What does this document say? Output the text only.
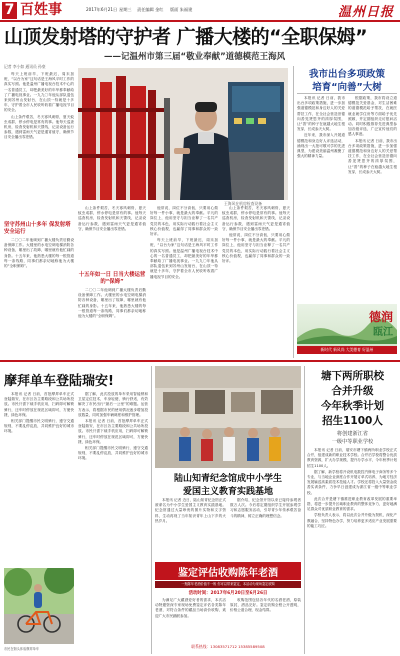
7 百姓事	2017年6月21日 星期三 责任编辑 金红 版面 朱福建	温州日报
山顶发射塔的守护者 广播大楼的“全职保姆”
——记温州市第三届“敬业奉献”道德模范王海风
记者 李小如 通讯员 孙豪

每天上班前早，下班最迟，周末加班，“以台为家”这句话是王海风平时工作的真实写照。他是温州广播电视台技术中心的一名普通员工，却把最美好的年华都奉献给了广播电视事业。一九九〇年他从部队退伍来到苏州山发射台，在山顶一待就是十多年，守护着全市人民收听收看广播电视节目的安全。

山上条件艰苦，冬天寒风刺骨，夏天蚊虫成群，停水停电是常有的事。他每天巡查机房，检查发射机和天馈线，记录设备运行参数，遇到雷雨天气更是通宵值守，确保节目安全播出零差错。

王海风在机房检查设备
坚守苏州山十多年 保发射塔安全运行

二〇〇二年他调到广播大楼负责后勤设备保障工作。大楼里的水电空调电梯消防各种设备，哪里出了故障，哪里就有他忙碌的身影。十五年来，他熟悉大楼的每一根管道每一条线路，同事们都亲切地称他为大楼的“全职保姆”。

山上条件艰苦，冬天寒风刺骨，夏天蚊虫成群，停水停电是常有的事。他每天巡查机房，检查发射机和天馈线，记录设备运行参数，遇到雷雨天气更是通宵值守，确保节目安全播出零差错。

十五年如一日 日当大楼运营的“保姆”

二〇〇二年他调到广播大楼负责后勤设备保障工作。大楼里的水电空调电梯消防各种设备，哪里出了故障，哪里就有他忙碌的身影。十五年来，他熟悉大楼的每一根管道每一条线路，同事们都亲切地称他为大楼的“全职保姆”。

他常说，岗位不分高低，只要用心做好每一件小事，就是最大的奉献。平凡的岗位上，他用坚守与担当诠释了一名共产党员的本色，用实际行动践行着社会主义核心价值观，也赢得了同事和群众的一致好评。

每天上班前早，下班最迟，周末加班，“以台为家”这句话是王海风平时工作的真实写照。他是温州广播电视台技术中心的一名普通员工，却把最美好的年华都奉献给了广播电视事业。一九九〇年他从部队退伍来到苏州山发射台，在山顶一待就是十多年，守护着全市人民收听收看广播电视节目的安全。

山上条件艰苦，冬天寒风刺骨，夏天蚊虫成群，停水停电是常有的事。他每天巡查机房，检查发射机和天馈线，记录设备运行参数，遇到雷雨天气更是通宵值守，确保节目安全播出零差错。

他常说，岗位不分高低，只要用心做好每一件小事，就是最大的奉献。平凡的岗位上，他用坚守与担当诠释了一名共产党员的本色，用实际行动践行着社会主义核心价值观，也赢得了同事和群众的一致好评。

我市出台多项政策
培育“向善”大树

本报讯 记者 日前，我市出台多项政策措施，进一步加强道德模范和身边好人的关爱帮扶工作，在全社会营造崇德向善见贤思齐的浓厚氛围，让“善”的种子在瓯越大地生根发芽，长成参天大树。

近年来，我市深入开展道德模范和身边好人评选活动，涌现出一大批可敬可学的先进典型，为建设美丽温州凝聚了强大的精神力量。

根据政策，我市将设立道德模范关爱基金，对生活困难的道德模范给予帮扶，在就医就业就学住房等方面给予优先照顾，并定期组织走访慰问活动。同时积极推荐先进典型参加各级评选，广泛宣传他们的感人事迹。

本报讯 记者 日前，我市出台多项政策措施，进一步加强道德模范和身边好人的关爱帮扶工作，在全社会营造崇德向善见贤思齐的浓厚氛围，让“善”的种子在瓯越大地生根发芽，长成参天大树。

德润
瓯江
新时代 新风尚 大美德育 好温州
摩拜单车登陆瑞安!

本报讯 记者 日前，首批摩拜单车正式登陆瑞安，在市区各主要路段和公共场所投放。市民只需下载手机应用，扫码即可解锁骑行，还车时停放在规范区域即可，方便快捷，绿色环保。

相关部门提醒市民文明骑行，遵守交通规则，不要乱停乱放，共同维护良好的城市环境。

据了解，此次投放的单车采用智能锁和卫星定位技术，车身轻便，骑行舒适，有效解决了市民出行“最后一公里”的难题。运营方表示，将根据市民的使用情况逐步增加投放数量，同时加强车辆调度和维护管理。

本报讯 记者 日前，首批摩拜单车正式登陆瑞安，在市区各主要路段和公共场所投放。市民只需下载手机应用，扫码即可解锁骑行，还车时停放在规范区域即可，方便快捷，绿色环保。

相关部门提醒市民文明骑行，遵守交通规则，不要乱停乱放，共同维护良好的城市环境。

市民在街头体验摩拜单车
陆山知青纪念馆成中小学生
爱国主义教育实践基地

本报讯 记者 近日，陆山知青纪念馆正式被命名为中小学生爱国主义教育实践基地。纪念馆通过大量珍贵的图片实物和文字资料，生动再现了当年知识青年上山下乡的火热岁月。

据介绍，纪念馆开馆以来已接待参观者数万人次。今后将定期组织学生开展参观学习和志愿服务活动，引导青少年传承艰苦奋斗的精神，树立正确的理想信念。

鉴定评估收购陈年老酒
一瓶陈年老酒价值不一般 你可以带来鉴定，本活动为现场鉴定收购
活动时间：2017年6月20日至6月26日

为满足广大藏酒爱好者的需求，本次活动特邀资深专家现场免费鉴定评估各类陈年老酒，对符合条件的藏品当场高价收购，欢迎广大市民踊跃参加。

收购范围包括各年代的名酒老酒，原装原封，酒品完好。鉴定收购全程公开透明，价格公道合理，现金结算。

联系热线：13083571712 15385589508
塘下两所职校
合并升级
今年秋季计划
招生1100人
将创建浙江省
一级中等职业学校

本报讯 记者 日前，瑞安市塘下镇两所职业学校正式合并，组建成新的职业技术学校。合并后学校将整合优质教育资源，扩大办学规模，提升办学水平，今年秋季计划招生1100人。

据了解，新学校将开设机电数控汽修电子商务等多个专业，与当地企业深度合作开展订单式培养，为地方经济发展输送高素质技术技能人才。学校还将投入大量资金改善实训条件，力争早日创建成为浙江省一级中等职业学校。

此次合并是塘下镇推进职业教育改革发展的重要举措，将进一步提升区域职业教育的整体竞争力，更好地满足群众对优质职业教育的需求。

学校负责人表示，将以此次合并升级为契机，深化产教融合，坚持特色办学，努力培养更多适应产业发展需要的能工巧匠。
